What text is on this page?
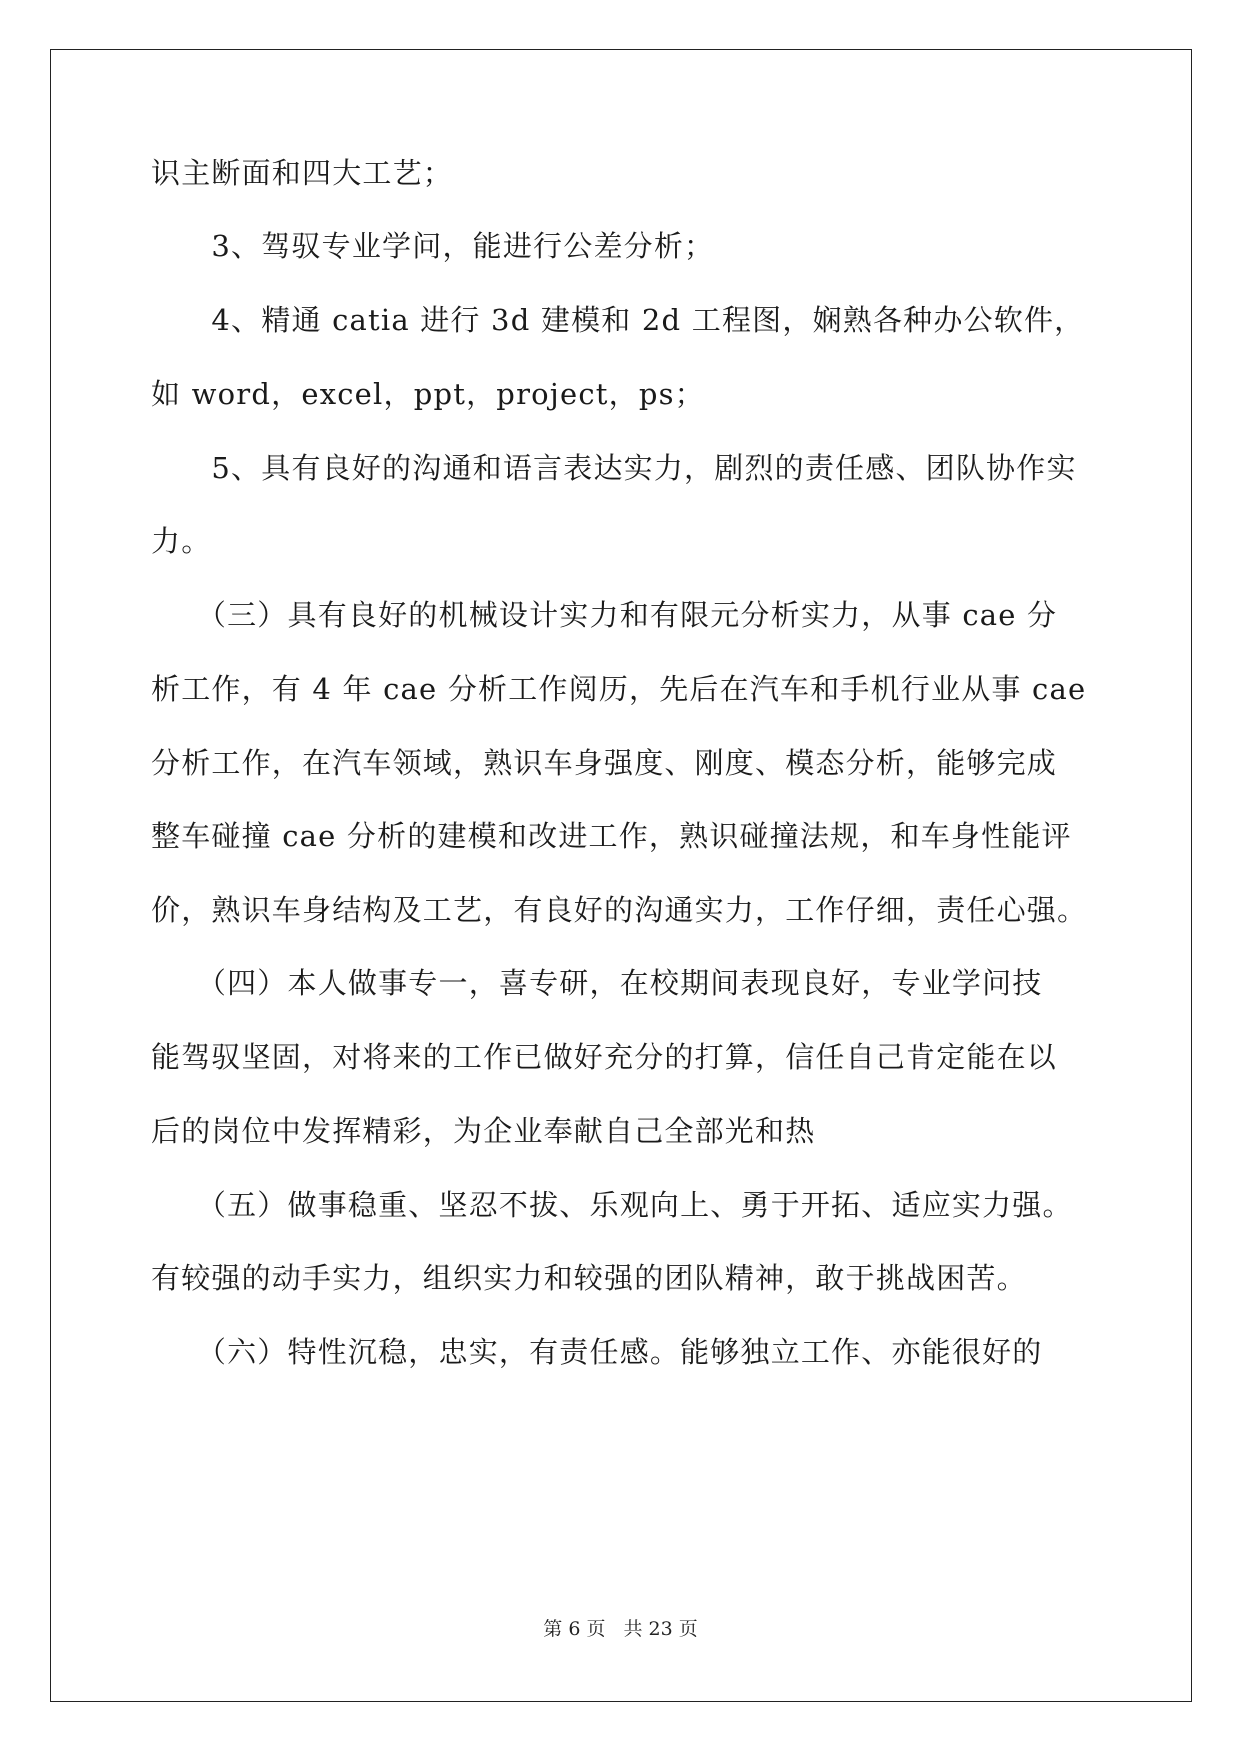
识主断面和四大工艺；
　　3、驾驭专业学问，能进行公差分析；
　　4、精通 catia 进行 3d 建模和 2d 工程图，娴熟各种办公软件，
如 word，excel，ppt，project，ps；
　　5、具有良好的沟通和语言表达实力，剧烈的责任感、团队协作实
力。
　　（三）具有良好的机械设计实力和有限元分析实力，从事 cae 分
析工作，有 4 年 cae 分析工作阅历，先后在汽车和手机行业从事 cae
分析工作，在汽车领域，熟识车身强度、刚度、模态分析，能够完成
整车碰撞 cae 分析的建模和改进工作，熟识碰撞法规，和车身性能评
价，熟识车身结构及工艺，有良好的沟通实力，工作仔细，责任心强。
　　（四）本人做事专一，喜专研，在校期间表现良好，专业学问技
能驾驭坚固，对将来的工作已做好充分的打算，信任自己肯定能在以
后的岗位中发挥精彩，为企业奉献自己全部光和热
　　（五）做事稳重、坚忍不拔、乐观向上、勇于开拓、适应实力强。
有较强的动手实力，组织实力和较强的团队精神，敢于挑战困苦。
　　（六）特性沉稳，忠实，有责任感。能够独立工作、亦能很好的
第 6 页 共 23 页
